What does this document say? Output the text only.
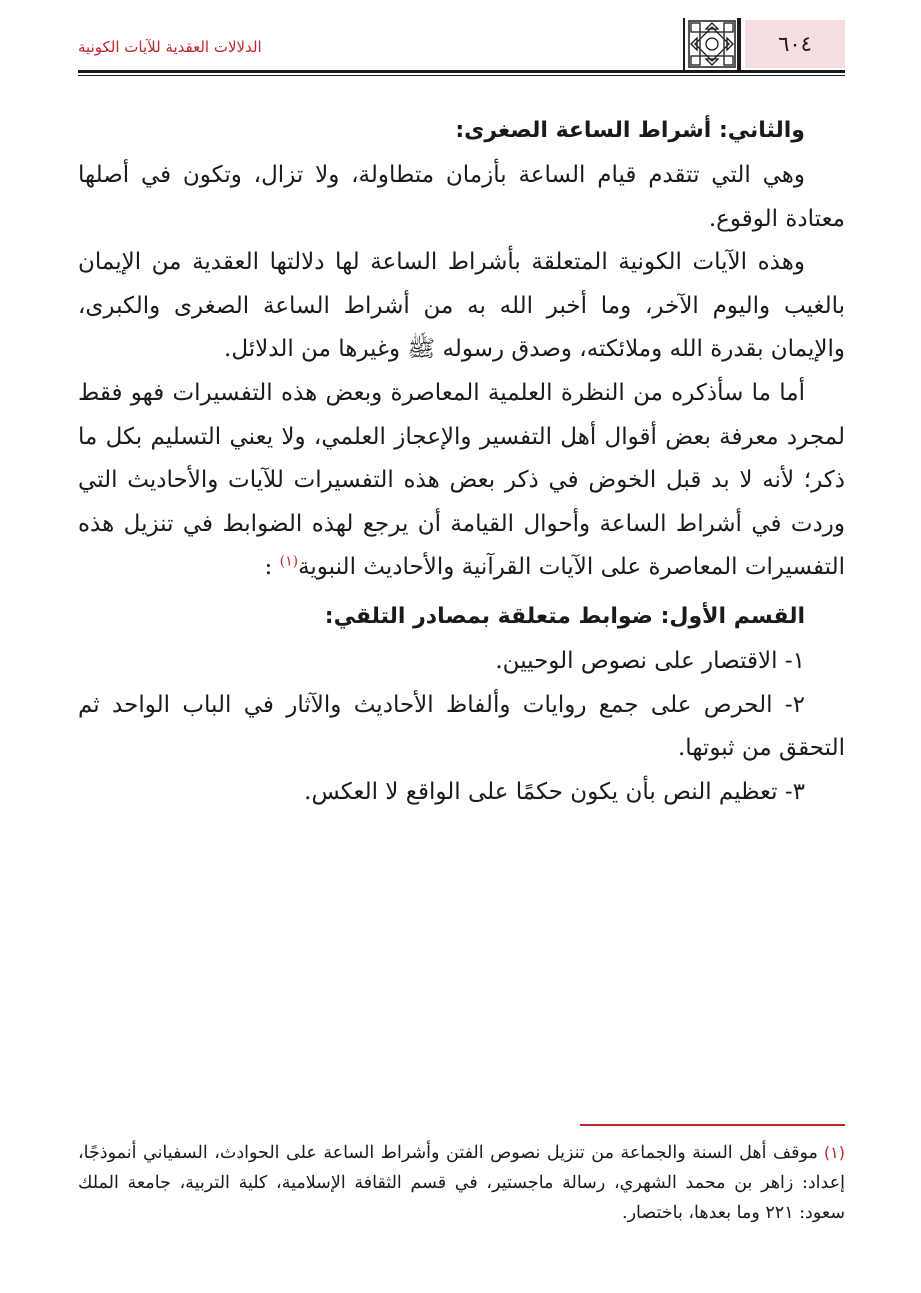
الدلالات العقدية للآيات الكونية	٦٠٤

والثاني: أشراط الساعة الصغرى:

وهي التي تتقدم قيام الساعة بأزمان متطاولة، ولا تزال، وتكون في أصلها معتادة الوقوع.

وهذه الآيات الكونية المتعلقة بأشراط الساعة لها دلالتها العقدية من الإيمان بالغيب واليوم الآخر، وما أخبر الله به من أشراط الساعة الصغرى والكبرى، والإيمان بقدرة الله وملائكته، وصدق رسوله ﷺ وغيرها من الدلائل.

أما ما سأذكره من النظرة العلمية المعاصرة وبعض هذه التفسيرات فهو فقط لمجرد معرفة بعض أقوال أهل التفسير والإعجاز العلمي، ولا يعني التسليم بكل ما ذكر؛ لأنه لا بد قبل الخوض في ذكر بعض هذه التفسيرات للآيات والأحاديث التي وردت في أشراط الساعة وأحوال القيامة أن يرجع لهذه الضوابط في تنزيل هذه التفسيرات المعاصرة على الآيات القرآنية والأحاديث النبوية$^{(١)}$ :

القسم الأول: ضوابط متعلقة بمصادر التلقي:

١- الاقتصار على نصوص الوحيين.

٢- الحرص على جمع روايات وألفاظ الأحاديث والآثار في الباب الواحد ثم التحقق من ثبوتها.

٣- تعظيم النص بأن يكون حكمًا على الواقع لا العكس.

(١)موقف أهل السنة والجماعة من تنزيل نصوص الفتن وأشراط الساعة على الحوادث، السفياني أنموذجًا، إعداد: زاهر بن محمد الشهري، رسالة ماجستير، في قسم الثقافة الإسلامية، كلية التربية، جامعة الملك سعود: ٢٢١ وما بعدها، باختصار.
